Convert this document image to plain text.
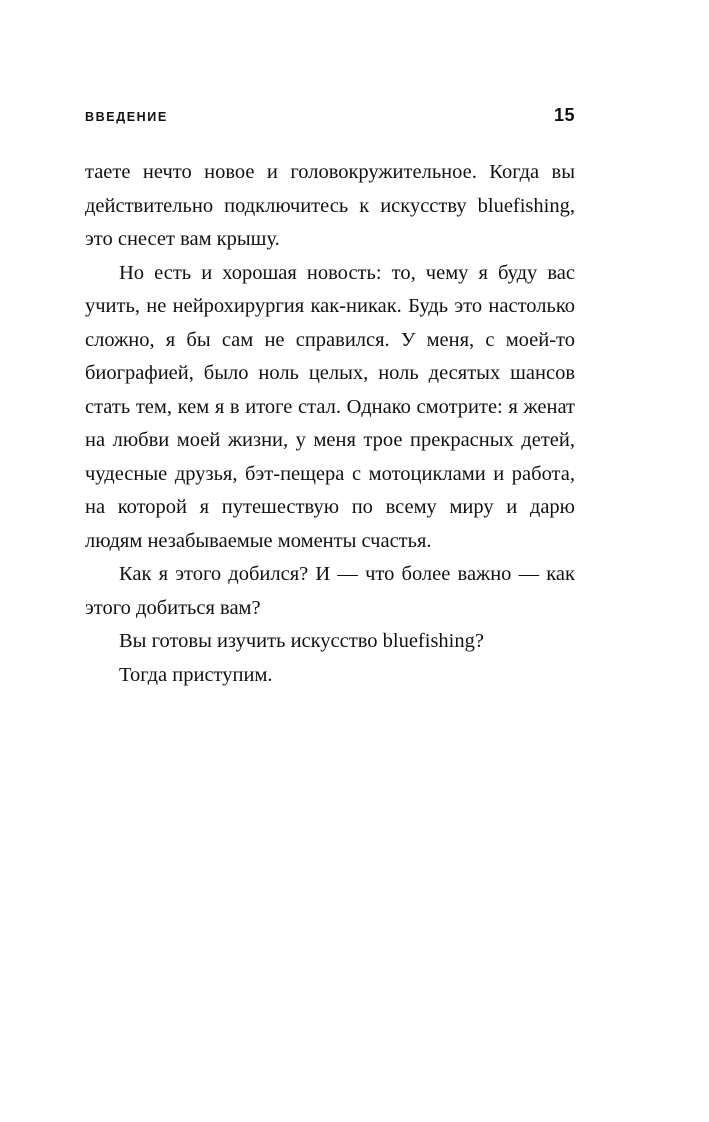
ВВЕДЕНИЕ	15

таете нечто новое и головокружительное. Когда вы действительно подключитесь к искусству bluefishing, это снесет вам крышу.

Но есть и хорошая новость: то, чему я буду вас учить, не нейрохирургия как-никак. Будь это настолько сложно, я бы сам не справился. У меня, с моей-то биографией, было ноль целых, ноль десятых шансов стать тем, кем я в итоге стал. Однако смотрите: я женат на любви моей жизни, у меня трое прекрасных детей, чудесные друзья, бэт-пещера с мотоциклами и работа, на которой я путешествую по всему миру и дарю людям незабываемые моменты счастья.

Как я этого добился? И — что более важно — как этого добиться вам?

Вы готовы изучить искусство bluefishing?

Тогда приступим.
